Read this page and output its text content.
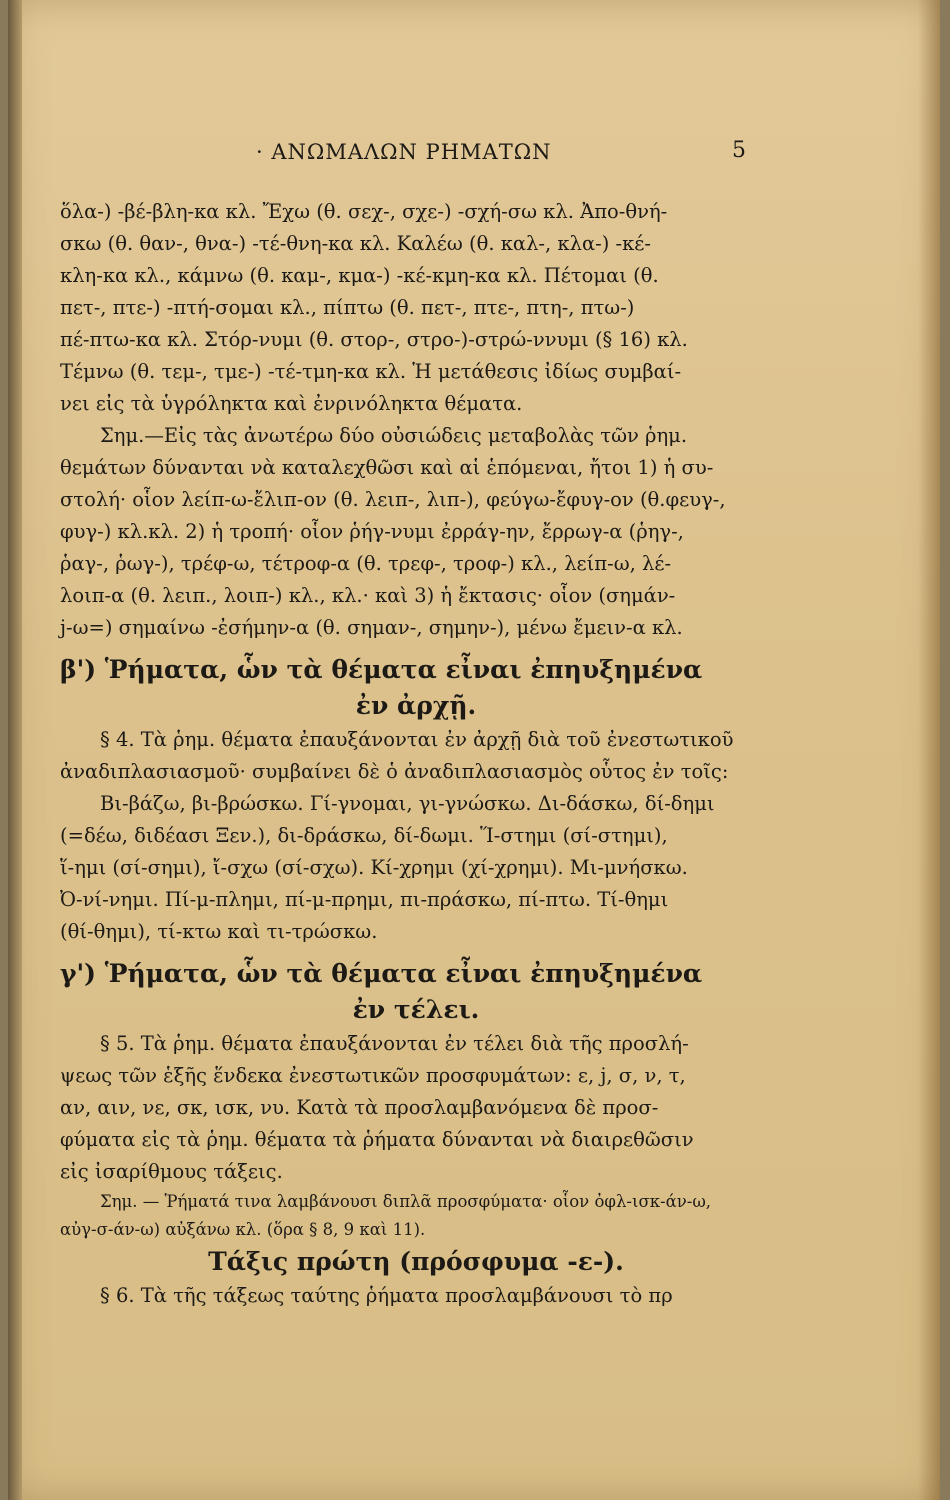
· ΑΝΩΜΑΛΩΝ ΡΗΜΑΤΩΝ	5
ὅλα-) -βέ-βλη-κα κλ. Ἔχω (θ. σεχ-, σχε-) -σχή-σω κλ. Ἀπο-θνή-
σκω (θ. θαν-, θνα-) -τέ-θνη-κα κλ. Καλέω (θ. καλ-, κλα-) -κέ-
κλη-κα κλ., κάμνω (θ. καμ-, κμα-) -κέ-κμη-κα κλ. Πέτομαι (θ.
πετ-, πτε-) -πτή-σομαι κλ., πίπτω (θ. πετ-, πτε-, πτη-, πτω-)
πέ-πτω-κα κλ. Στόρ-νυμι (θ. στορ-, στρο-)-στρώ-ννυμι (§ 16) κλ.
Τέμνω (θ. τεμ-, τμε-) -τέ-τμη-κα κλ. Ἡ μετάθεσις ἰδίως συμβαί-
νει εἰς τὰ ὑγρόληκτα καὶ ἐνρινόληκτα θέματα.
Σημ.—Εἰς τὰς ἀνωτέρω δύο οὐσιώδεις μεταβολὰς τῶν ῥημ.
θεμάτων δύνανται νὰ καταλεχθῶσι καὶ αἱ ἑπόμεναι, ἤτοι 1) ἡ συ-
στολή· οἷον λείπ-ω-ἔλιπ-ον (θ. λειπ-, λιπ-), φεύγω-ἔφυγ-ον (θ.φευγ-,
φυγ-) κλ.κλ. 2) ἡ τροπή· οἷον ῥήγ-νυμι ἐρράγ-ην, ἔρρωγ-α (ῥηγ-,
ῥαγ-, ῥωγ-), τρέφ-ω, τέτροφ-α (θ. τρεφ-, τροφ-) κλ., λείπ-ω, λέ-
λοιπ-α (θ. λειπ., λοιπ-) κλ., κλ.· καὶ 3) ἡ ἔκτασις· οἷον (σημάν-
j-ω=) σημαίνω -ἐσήμην-α (θ. σημαν-, σημην-), μένω ἔμειν-α κλ.
β') Ῥήματα, ὧν τὰ θέματα εἶναι ἐπηυξημένα
ἐν ἀρχῇ.
§ 4. Τὰ ῥημ. θέματα ἐπαυξάνονται ἐν ἀρχῇ διὰ τοῦ ἐνεστωτικοῦ
ἀναδιπλασιασμοῦ· συμβαίνει δὲ ὁ ἀναδιπλασιασμὸς οὗτος ἐν τοῖς:
Βι-βάζω, βι-βρώσκω. Γί-γνομαι, γι-γνώσκω. Δι-δάσκω, δί-δημι
(=δέω, διδέασι Ξεν.), δι-δράσκω, δί-δωμι. Ἵ-στημι (σί-στημι),
ἵ-ημι (σί-σημι), ἴ-σχω (σί-σχω). Κί-χρημι (χί-χρημι). Μι-μνήσκω.
Ὀ-νί-νημι. Πί-μ-πλημι, πί-μ-πρημι, πι-πράσκω, πί-πτω. Τί-θημι
(θί-θημι), τί-κτω καὶ τι-τρώσκω.
γ') Ῥήματα, ὧν τὰ θέματα εἶναι ἐπηυξημένα
ἐν τέλει.
§ 5. Τὰ ῥημ. θέματα ἐπαυξάνονται ἐν τέλει διὰ τῆς προσλή-
ψεως τῶν ἑξῆς ἕνδεκα ἐνεστωτικῶν προσφυμάτων: ε, j, σ, ν, τ,
αν, αιν, νε, σκ, ισκ, νυ. Κατὰ τὰ προσλαμβανόμενα δὲ προσ-
φύματα εἰς τὰ ῥημ. θέματα τὰ ῥήματα δύνανται νὰ διαιρεθῶσιν
εἰς ἰσαρίθμους τάξεις.
Σημ. — Ῥήματά τινα λαμβάνουσι διπλᾶ προσφύματα· οἷον ὀφλ-ισκ-άν-ω,
αὐγ-σ-άν-ω) αὐξάνω κλ. (ὅρα § 8, 9 καὶ 11).
Τάξις πρώτη (πρόσφυμα -ε-).
§ 6. Τὰ τῆς τάξεως ταύτης ῥήματα προσλαμβάνουσι τὸ πρ
